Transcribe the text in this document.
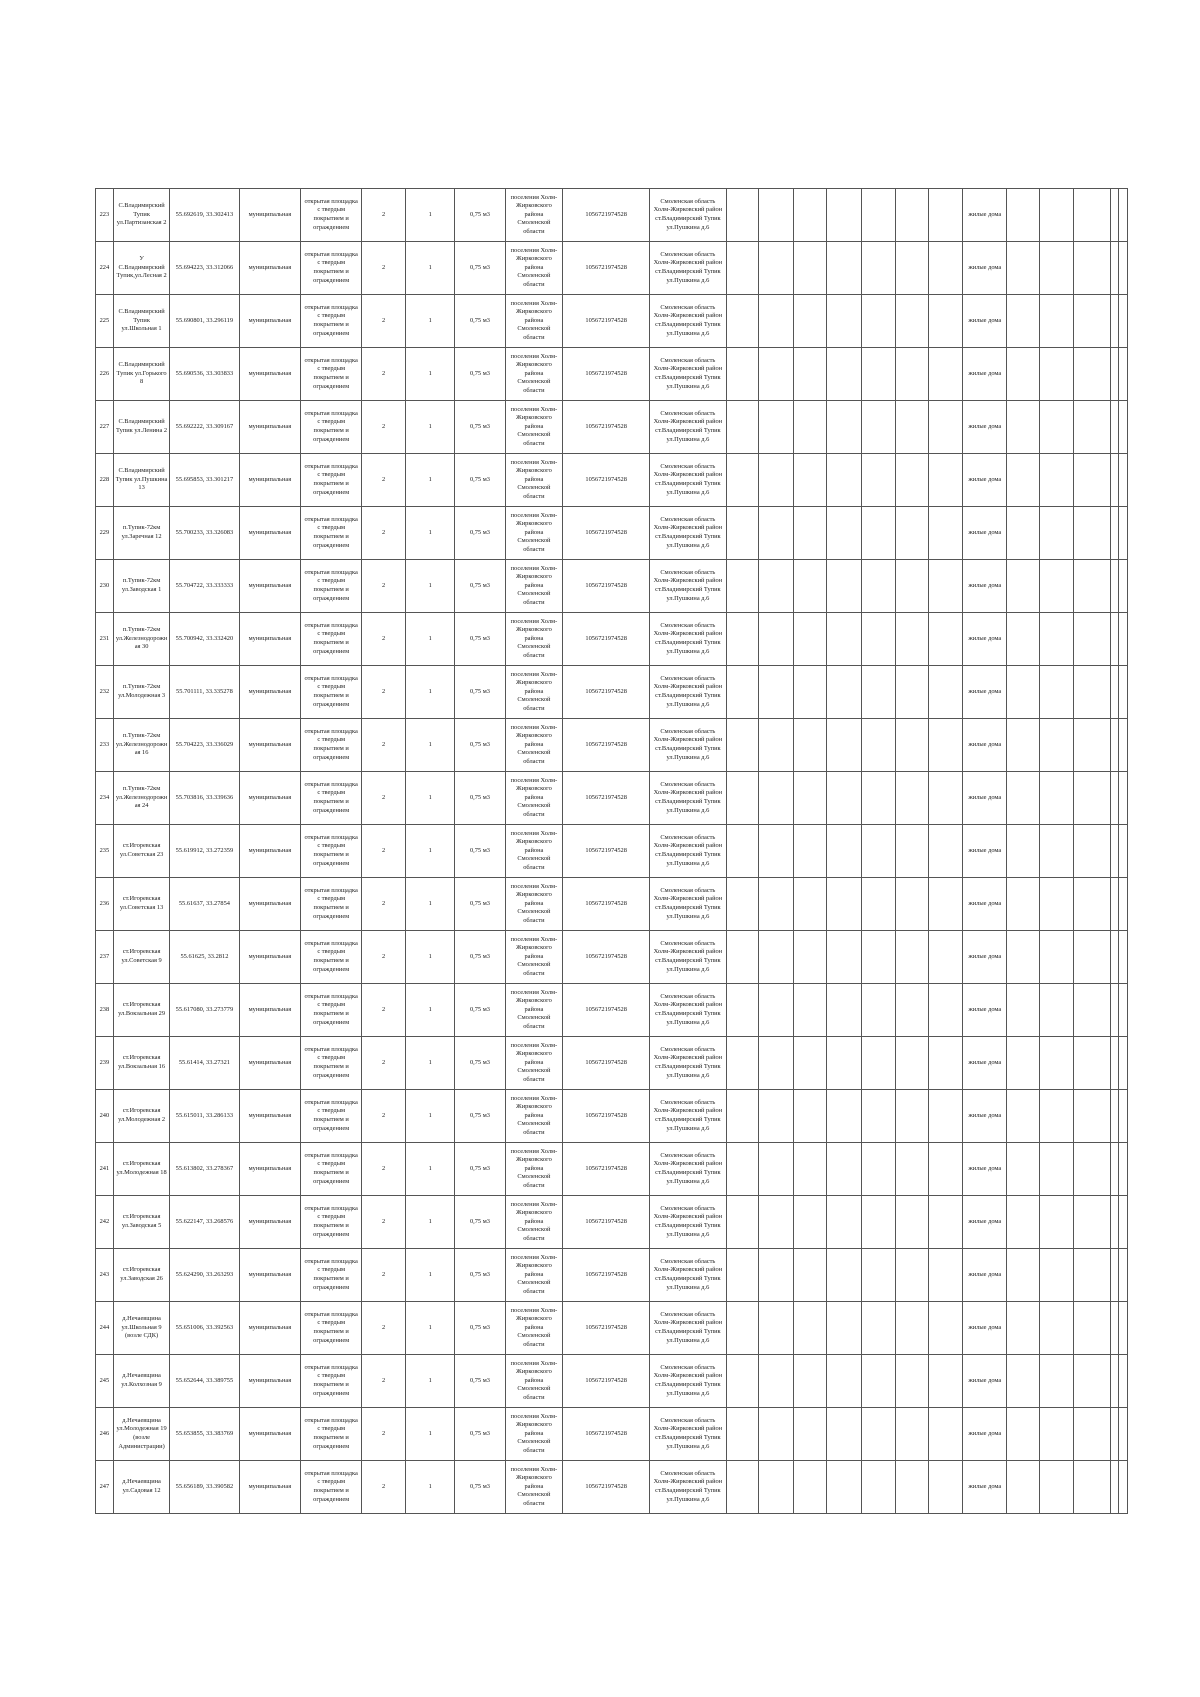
223	С.Владимирский Тупик ул.Партизанская 2	55.692619, 33.302413	муниципальная	открытая площадка с твердым покрытием и ограждением	2	1	0,75 м3	поселения Холм-Жирковского района Смоленской области	1056721974528	Смоленская область Холм-Жирковский район ст.Владимирский Тупик ул.Пушкина д.6								жилые дома					

224	У С.Владимирский Тупик,ул.Лесная 2	55.694223, 33.312066	муниципальная	открытая площадка с твердым покрытием и ограждением	2	1	0,75 м3	поселения Холм-Жирковского района Смоленской области	1056721974528	Смоленская область Холм-Жирковский район ст.Владимирский Тупик ул.Пушкина д.6								жилые дома					

225	С.Владимирский Тупик ул.Школьная 1	55.690801, 33.296119	муниципальная	открытая площадка с твердым покрытием и ограждением	2	1	0,75 м3	поселения Холм-Жирковского района Смоленской области	1056721974528	Смоленская область Холм-Жирковский район ст.Владимирский Тупик ул.Пушкина д.6								жилые дома					

226	С.Владимирский Тупик ул.Горького 8	55.690536, 33.303833	муниципальная	открытая площадка с твердым покрытием и ограждением	2	1	0,75 м3	поселения Холм-Жирковского района Смоленской области	1056721974528	Смоленская область Холм-Жирковский район ст.Владимирский Тупик ул.Пушкина д.6								жилые дома					

227	С.Владимирский Тупик ул.Ленина 2	55.692222, 33.309167	муниципальная	открытая площадка с твердым покрытием и ограждением	2	1	0,75 м3	поселения Холм-Жирковского района Смоленской области	1056721974528	Смоленская область Холм-Жирковский район ст.Владимирский Тупик ул.Пушкина д.6								жилые дома					

228	С.Владимирский Тупик ул.Пушкина 13	55.695853, 33.301217	муниципальная	открытая площадка с твердым покрытием и ограждением	2	1	0,75 м3	поселения Холм-Жирковского района Смоленской области	1056721974528	Смоленская область Холм-Жирковский район ст.Владимирский Тупик ул.Пушкина д.6								жилые дома					

229	п.Тупик-72км ул.Заречная 12	55.700233, 33.326083	муниципальная	открытая площадка с твердым покрытием и ограждением	2	1	0,75 м3	поселения Холм-Жирковского района Смоленской области	1056721974528	Смоленская область Холм-Жирковский район ст.Владимирский Тупик ул.Пушкина д.6								жилые дома					

230	п.Тупик-72км ул.Заводская 1	55.704722, 33.333333	муниципальная	открытая площадка с твердым покрытием и ограждением	2	1	0,75 м3	поселения Холм-Жирковского района Смоленской области	1056721974528	Смоленская область Холм-Жирковский район ст.Владимирский Тупик ул.Пушкина д.6								жилые дома					

231	п.Тупик-72км ул.Железнодорожная 30	55.700942, 33.332420	муниципальная	открытая площадка с твердым покрытием и ограждением	2	1	0,75 м3	поселения Холм-Жирковского района Смоленской области	1056721974528	Смоленская область Холм-Жирковский район ст.Владимирский Тупик ул.Пушкина д.6								жилые дома					

232	п.Тупик-72км ул.Молодежная 3	55.701111, 33.335278	муниципальная	открытая площадка с твердым покрытием и ограждением	2	1	0,75 м3	поселения Холм-Жирковского района Смоленской области	1056721974528	Смоленская область Холм-Жирковский район ст.Владимирский Тупик ул.Пушкина д.6								жилые дома					

233	п.Тупик-72км ул.Железнодорожная 16	55.704223, 33.336029	муниципальная	открытая площадка с твердым покрытием и ограждением	2	1	0,75 м3	поселения Холм-Жирковского района Смоленской области	1056721974528	Смоленская область Холм-Жирковский район ст.Владимирский Тупик ул.Пушкина д.6								жилые дома					

234	п.Тупик-72км ул.Железнодорожная 24	55.703816, 33.339636	муниципальная	открытая площадка с твердым покрытием и ограждением	2	1	0,75 м3	поселения Холм-Жирковского района Смоленской области	1056721974528	Смоленская область Холм-Жирковский район ст.Владимирский Тупик ул.Пушкина д.6								жилые дома					

235	ст.Игоревская ул.Советская 23	55.619912, 33.272359	муниципальная	открытая площадка с твердым покрытием и ограждением	2	1	0,75 м3	поселения Холм-Жирковского района Смоленской области	1056721974528	Смоленская область Холм-Жирковский район ст.Владимирский Тупик ул.Пушкина д.6								жилые дома					

236	ст.Игоревская ул.Советская 13	55.61637, 33.27854	муниципальная	открытая площадка с твердым покрытием и ограждением	2	1	0,75 м3	поселения Холм-Жирковского района Смоленской области	1056721974528	Смоленская область Холм-Жирковский район ст.Владимирский Тупик ул.Пушкина д.6								жилые дома					

237	ст.Игоревская ул.Советская 9	55.61625, 33.2812	муниципальная	открытая площадка с твердым покрытием и ограждением	2	1	0,75 м3	поселения Холм-Жирковского района Смоленской области	1056721974528	Смоленская область Холм-Жирковский район ст.Владимирский Тупик ул.Пушкина д.6								жилые дома					

238	ст.Игоревская ул.Вокзальная 29	55.617080, 33.273779	муниципальная	открытая площадка с твердым покрытием и ограждением	2	1	0,75 м3	поселения Холм-Жирковского района Смоленской области	1056721974528	Смоленская область Холм-Жирковский район ст.Владимирский Тупик ул.Пушкина д.6								жилые дома					

239	ст.Игоревская ул.Вокзальная 16	55.61414, 33.27321	муниципальная	открытая площадка с твердым покрытием и ограждением	2	1	0,75 м3	поселения Холм-Жирковского района Смоленской области	1056721974528	Смоленская область Холм-Жирковский район ст.Владимирский Тупик ул.Пушкина д.6								жилые дома					

240	ст.Игоревская ул.Молодежная 2	55.615011, 33.286133	муниципальная	открытая площадка с твердым покрытием и ограждением	2	1	0,75 м3	поселения Холм-Жирковского района Смоленской области	1056721974528	Смоленская область Холм-Жирковский район ст.Владимирский Тупик ул.Пушкина д.6								жилые дома					

241	ст.Игоревская ул.Молодежная 18	55.613802, 33.278367	муниципальная	открытая площадка с твердым покрытием и ограждением	2	1	0,75 м3	поселения Холм-Жирковского района Смоленской области	1056721974528	Смоленская область Холм-Жирковский район ст.Владимирский Тупик ул.Пушкина д.6								жилые дома					

242	ст.Игоревская ул.Заводская 5	55.622147, 33.268576	муниципальная	открытая площадка с твердым покрытием и ограждением	2	1	0,75 м3	поселения Холм-Жирковского района Смоленской области	1056721974528	Смоленская область Холм-Жирковский район ст.Владимирский Тупик ул.Пушкина д.6								жилые дома					

243	ст.Игоревская ул.Заводская 26	55.624290, 33.263293	муниципальная	открытая площадка с твердым покрытием и ограждением	2	1	0,75 м3	поселения Холм-Жирковского района Смоленской области	1056721974528	Смоленская область Холм-Жирковский район ст.Владимирский Тупик ул.Пушкина д.6								жилые дома					

244	д.Нечаевщина ул.Школьная 9 (возле СДК)	55.651006, 33.392563	муниципальная	открытая площадка с твердым покрытием и ограждением	2	1	0,75 м3	поселения Холм-Жирковского района Смоленской области	1056721974528	Смоленская область Холм-Жирковский район ст.Владимирский Тупик ул.Пушкина д.6								жилые дома					

245	д.Нечаевщина ул.Колхозная 9	55.652644, 33.389755	муниципальная	открытая площадка с твердым покрытием и ограждением	2	1	0,75 м3	поселения Холм-Жирковского района Смоленской области	1056721974528	Смоленская область Холм-Жирковский район ст.Владимирский Тупик ул.Пушкина д.6								жилые дома					

246	д.Нечаевщина ул.Молодежная 19 (возле Администрации)	55.653855, 33.383769	муниципальная	открытая площадка с твердым покрытием и ограждением	2	1	0,75 м3	поселения Холм-Жирковского района Смоленской области	1056721974528	Смоленская область Холм-Жирковский район ст.Владимирский Тупик ул.Пушкина д.6								жилые дома					

247	д.Нечаевщина ул.Садовая 12	55.656189, 33.390582	муниципальная	открытая площадка с твердым покрытием и ограждением	2	1	0,75 м3	поселения Холм-Жирковского района Смоленской области	1056721974528	Смоленская область Холм-Жирковский район ст.Владимирский Тупик ул.Пушкина д.6								жилые дома					
